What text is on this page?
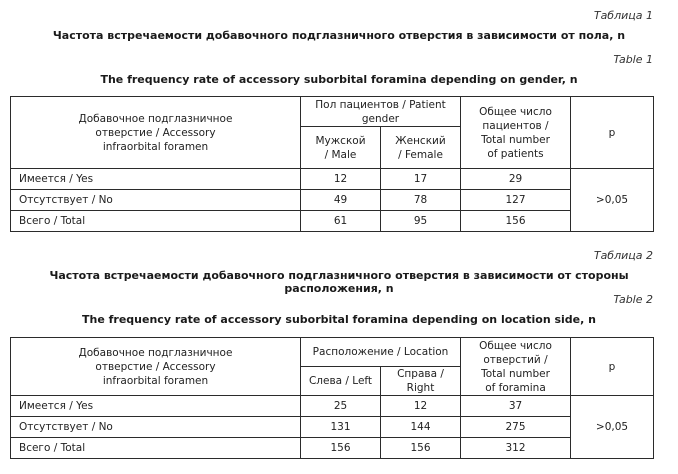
Таблица 1
Частота встречаемости добавочного подглазничного отверстия в зависимости от пола, n
Table 1
The frequency rate of accessory suborbital foramina depending on gender, n
Добавочное подглазничное отверстие / Accessory infraorbital foramen	Пол пациентов / Patient gender		Общее число пациентов / Total number of patients	p
	Мужской / Male	Женский / Female		
Имеется / Yes	12	17	29	>0,05
Отсутствует / No	49	78	127	
Всего / Total	61	95	156	
Таблица 2
Частота встречаемости добавочного подглазничного отверстия в зависимости от стороны расположения, n
Table 2
The frequency rate of accessory suborbital foramina depending on location side, n
Добавочное подглазничное отверстие / Accessory infraorbital foramen	Расположение / Location		Общее число отверстий / Total number of foramina	p
	Слева / Left	Справа / Right		
Имеется / Yes	25	12	37	>0,05
Отсутствует / No	131	144	275	
Всего / Total	156	156	312	
